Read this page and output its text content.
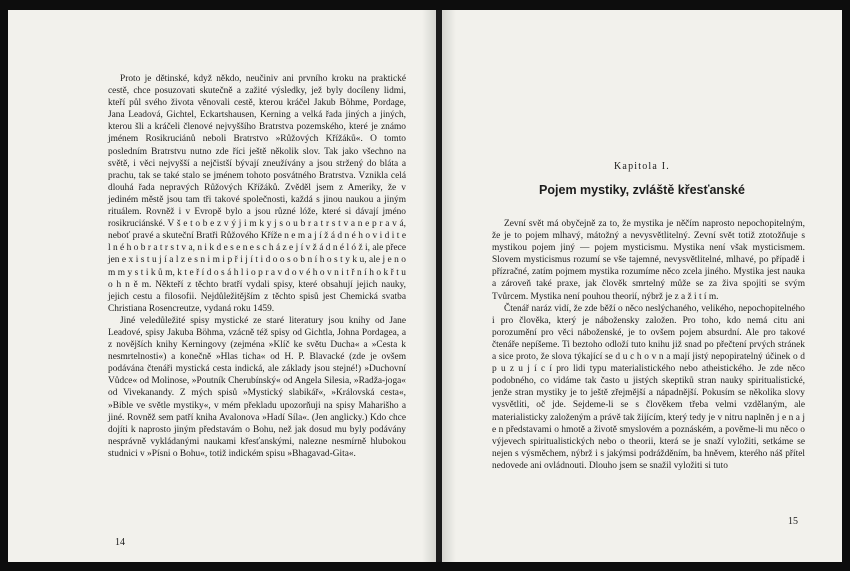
Proto je dětinské, když někdo, neučiniv ani prvního kroku na praktické cestě, chce posuzovati skutečně a zažité výsledky, jež byly docíleny lidmi, kteří půl svého života věnovali cestě, kterou kráčel Jakub Böhme, Pordage, Jana Leadová, Gichtel, Eckartshausen, Kerning a velká řada jiných a jiných, kterou šli a kráčeli členové nejvyššího Bratrstva pozemského, které je známo jménem Rosikruciánů neboli Bratrstvo »Růžových Křížáků«. O tomto posledním Bratrstvu nutno zde říci ještě několik slov. Tak jako všechno na světě, i věci nejvyšší a nejčistší bývají zneužívány a jsou stržený do bláta a prachu, tak se také stalo se jménem tohoto posvátného Bratrstva. Vznikla celá dlouhá řada nepravých Růžových Křížáků. Zvěděl jsem z Ameriky, že v jediném městě jsou tam tři takové společnosti, každá s jinou naukou a jiným rituálem. Rovněž i v Evropě bylo a jsou různé lóže, které si dávají jméno rosikruciánské. V š e t o b e z v ý j i m k y j s o u b r a t r s t v a n e p r a v á, neboť pravé a skuteční Bratři Růžového Kříže n e m a j í ž á d n é h o v i d i t e l n é h o b r a t r s t v a, n i k d e s e n e s c h á z e j í v ž á d n é l ó ž i, ale přece jen e x i s t u j í a l z e s n i m i p ř i j í t i d o o s o b n í h o s t y k u, ale j e n o m m y s t i k ů m, k t e ř í d o s á h l i o p r a v d o v é h o v n i t ř n í h o k ř t u o h n ě m. Někteří z těchto bratří vydali spisy, které obsahují jejich nauky, jejich cestu a filosofii. Nejdůležitějším z těchto spisů jest Chemická svatba Christiana Rosencreutze, vydaná roku 1459.

Jiné veledůležité spisy mystické ze staré literatury jsou knihy od Jane Leadové, spisy Jakuba Böhma, vzácně též spisy od Gichtla, Johna Pordagea, a z novějších knihy Kerningovy (zejména »Klíč ke světu Ducha« a »Cesta k nesmrtelnosti«) a konečně »Hlas ticha« od H. P. Blavacké (zde je ovšem podávána čtenáři mystická cesta indická, ale základy jsou stejné!) »Duchovní Vůdce« od Molinose, »Poutník Cherubínský« od Angela Silesia, »Radža-joga« od Vivekanandy. Z mých spisů »Mystický slabikář«, »Královská cesta«, »Bible ve světle mystiky«, v mém překladu upozorňuji na spisy Maharišho a jiné. Rovněž sem patří kniha Avalonova »Hadí Síla«. (Jen anglicky.) Kdo chce dojíti k naprosto jiným představám o Bohu, než jak dosud mu byly podávány nesprávně vykládanými naukami křesťanskými, nalezne nesmírně hlubokou studnici v »Písni o Bohu«, totiž indickém spisu »Bhagavad-Gita«.

14
Kapitola I.
Pojem mystiky, zvláště křesťanské

Zevní svět má obyčejně za to, že mystika je něčím naprosto nepochopitelným, že je to pojem mlhavý, mátožný a nevysvětlitelný. Zevní svět totiž ztotožňuje s mystikou pojem jiný — pojem mysticismu. Mystika není však mysticismem. Slovem mysticismus rozumí se vše tajemné, nevysvětlitelné, mlhavé, po případě i přízračné, zatím pojmem mystika rozumíme něco zcela jiného. Mystika jest nauka a zároveň také praxe, jak člověk smrtelný může se za živa spojiti se svým Tvůrcem. Mystika není pouhou theorií, nýbrž je z a ž i t í m.

Čtenář naráz vidí, že zde běží o něco neslýchaného, velikého, nepochopitelného i pro člověka, který je nábožensky založen. Pro toho, kdo nemá citu ani porozumění pro věci náboženské, je to ovšem pojem absurdní. Ale pro takové čtenáře nepíšeme. Ti beztoho odloží tuto knihu již snad po přečtení prvých stránek a sice proto, že slova týkající se d u c h o v n a mají jistý nepopiratelný účinek o d p u z u j í c í pro lidi typu materialistického nebo atheistického. Je zde něco podobného, co vidáme tak často u jistých skeptiků stran nauky spiritualistické, jenže stran mystiky je to ještě zřejmější a nápadnější. Pokusím se několika slovy vysvětliti, oč jde. Sejdeme-li se s člověkem třeba velmi vzdělaným, ale materialisticky založeným a právě tak žijícím, který tedy je v nitru naplněn j e n a j e n představami o hmotě a životě smyslovém a poznáském, a pověme-li mu něco o výjevech spiritualistických nebo o theorii, která se je snaží vyložiti, setkáme se nejen s výsměchem, nýbrž i s jakýmsi podrážděním, ba hněvem, kterého náš přítel nedovede ani ovládnouti. Dlouho jsem se snažil vyložiti si tuto

15
